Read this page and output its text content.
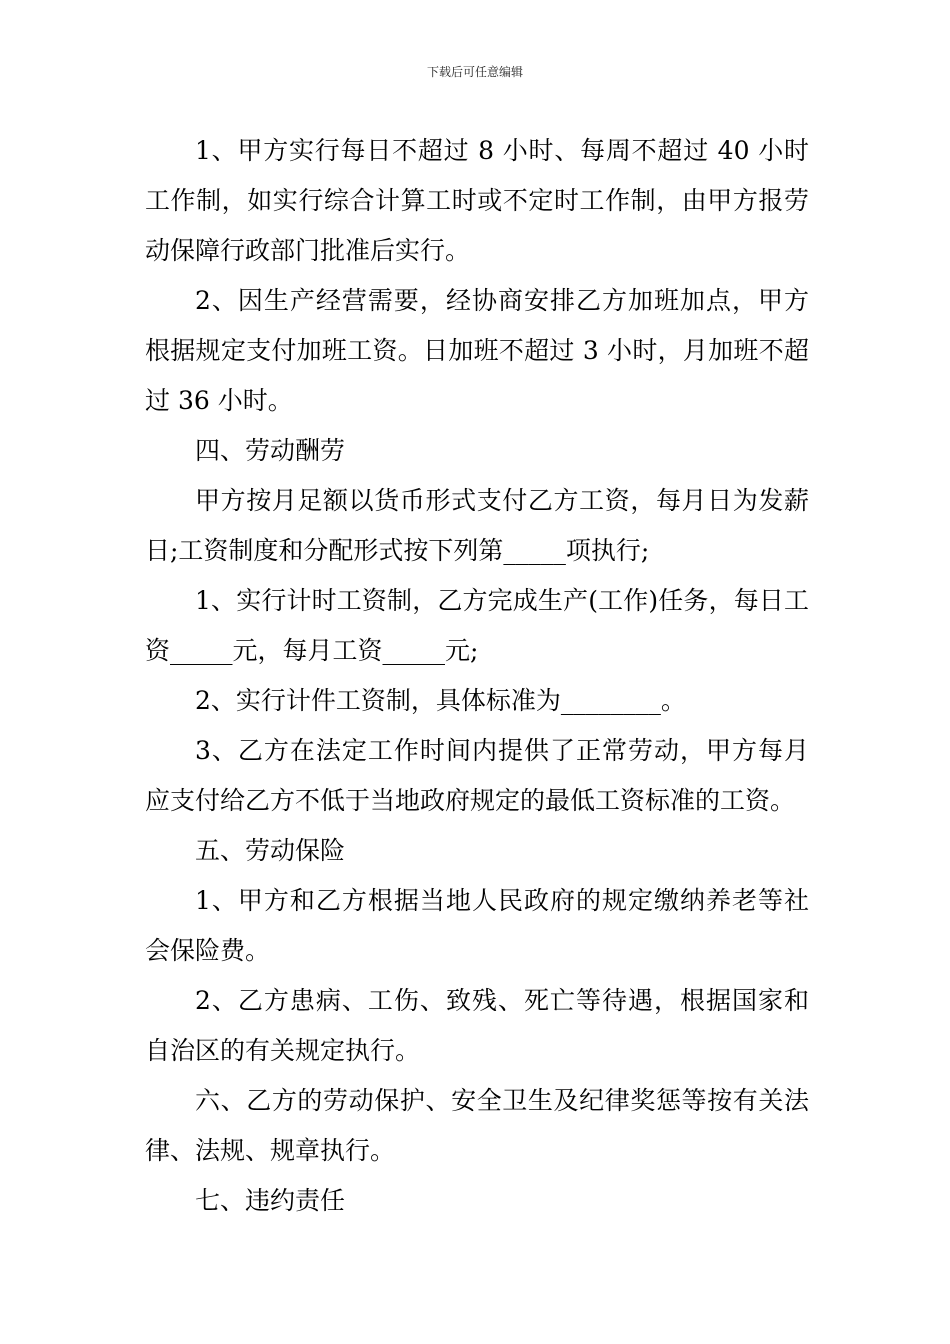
下载后可任意编辑

1、甲方实行每日不超过 8 小时、每周不超过 40 小时工作制，如实行综合计算工时或不定时工作制，由甲方报劳动保障行政部门批准后实行。

2、因生产经营需要，经协商安排乙方加班加点，甲方根据规定支付加班工资。日加班不超过 3 小时，月加班不超过 36 小时。

四、劳动酬劳

甲方按月足额以货币形式支付乙方工资，每月日为发薪日;工资制度和分配形式按下列第_____项执行;

1、实行计时工资制，乙方完成生产(工作)任务，每日工资_____元，每月工资_____元;

2、实行计件工资制，具体标准为________。

3、乙方在法定工作时间内提供了正常劳动，甲方每月应支付给乙方不低于当地政府规定的最低工资标准的工资。

五、劳动保险

1、甲方和乙方根据当地人民政府的规定缴纳养老等社会保险费。

2、乙方患病、工伤、致残、死亡等待遇，根据国家和自治区的有关规定执行。

六、乙方的劳动保护、安全卫生及纪律奖惩等按有关法律、法规、规章执行。

七、违约责任
